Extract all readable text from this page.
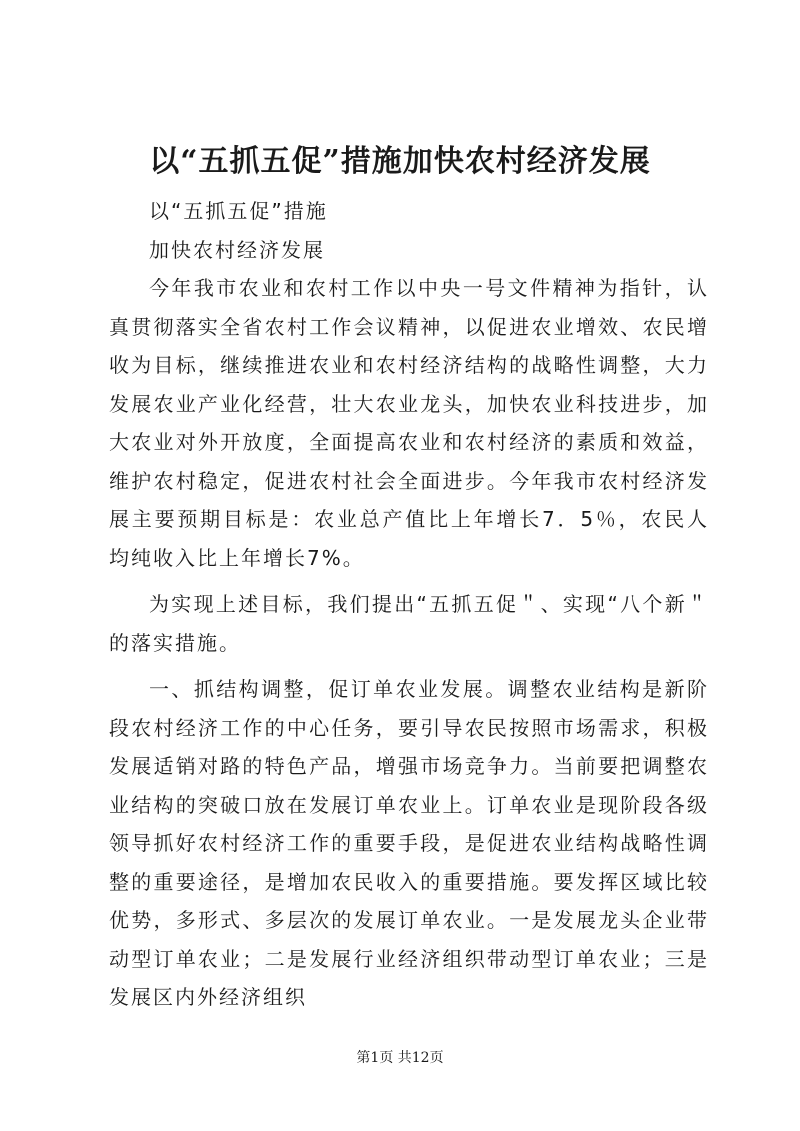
以“五抓五促”措施加快农村经济发展

以“五抓五促”措施

加快农村经济发展

今年我市农业和农村工作以中央一号文件精神为指针，认真贯彻落实全省农村工作会议精神，以促进农业增效、农民增收为目标，继续推进农业和农村经济结构的战略性调整，大力发展农业产业化经营，壮大农业龙头，加快农业科技进步，加大农业对外开放度，全面提高农业和农村经济的素质和效益，维护农村稳定，促进农村社会全面进步。今年我市农村经济发展主要预期目标是：农业总产值比上年增长7．5％，农民人均纯收入比上年增长7%。

为实现上述目标，我们提出“五抓五促＂、实现“八个新＂的落实措施。

一、抓结构调整，促订单农业发展。调整农业结构是新阶段农村经济工作的中心任务，要引导农民按照市场需求，积极发展适销对路的特色产品，增强市场竞争力。当前要把调整农业结构的突破口放在发展订单农业上。订单农业是现阶段各级领导抓好农村经济工作的重要手段，是促进农业结构战略性调整的重要途径，是增加农民收入的重要措施。要发挥区域比较优势，多形式、多层次的发展订单农业。一是发展龙头企业带动型订单农业；二是发展行业经济组织带动型订单农业；三是发展区内外经济组织

第1页 共12页
